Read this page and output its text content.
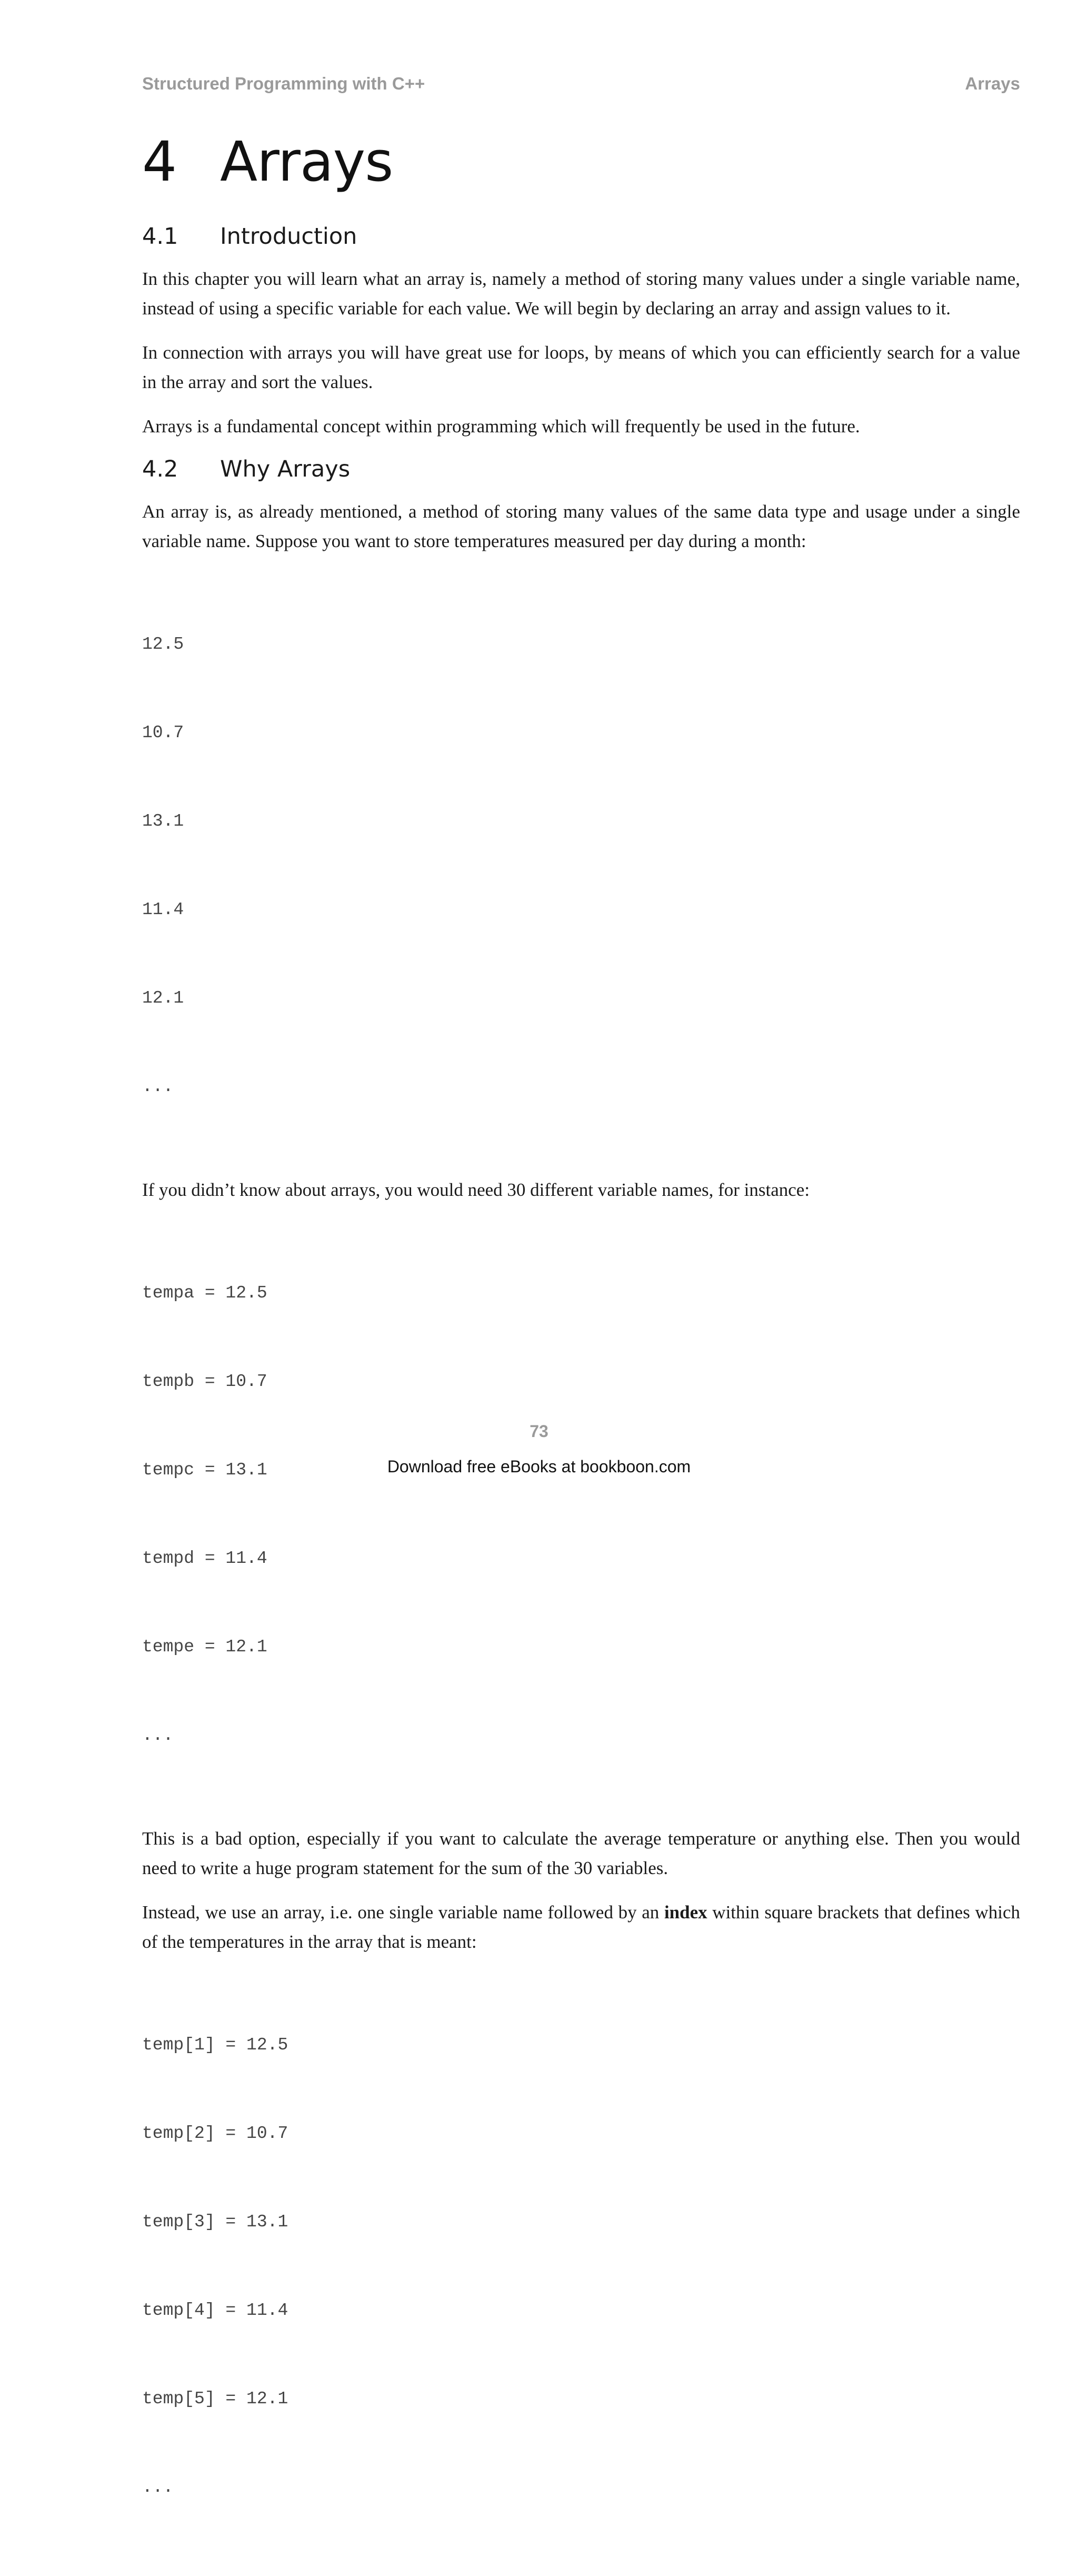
Structured Programming with C++	Arrays
4 Arrays
4.1	Introduction

In this chapter you will learn what an array is, namely a method of storing many values under a single variable name, instead of using a specific variable for each value. We will begin by declaring an array and assign values to it.

In connection with arrays you will have great use for loops, by means of which you can efficiently search for a value in the array and sort the values.

Arrays is a fundamental concept within programming which will frequently be used in the future.

4.2	Why Arrays

An array is, as already mentioned, a method of storing many values of the same data type and usage under a single variable name. Suppose you want to store temperatures measured per day during a month:

12.5

10.7

13.1

11.4

12.1

...

If you didn’t know about arrays, you would need 30 different variable names, for instance:

tempa = 12.5

tempb = 10.7

tempc = 13.1

tempd = 11.4

tempe = 12.1

...

This is a bad option, especially if you want to calculate the average temperature or anything else. Then you would need to write a huge program statement for the sum of the 30 variables.

Instead, we use an array, i.e. one single variable name followed by an index within square brackets that defines which of the temperatures in the array that is meant:

temp[1] = 12.5

temp[2] = 10.7

temp[3] = 13.1

temp[4] = 11.4

temp[5] = 12.1

...

73
Download free eBooks at bookboon.com
